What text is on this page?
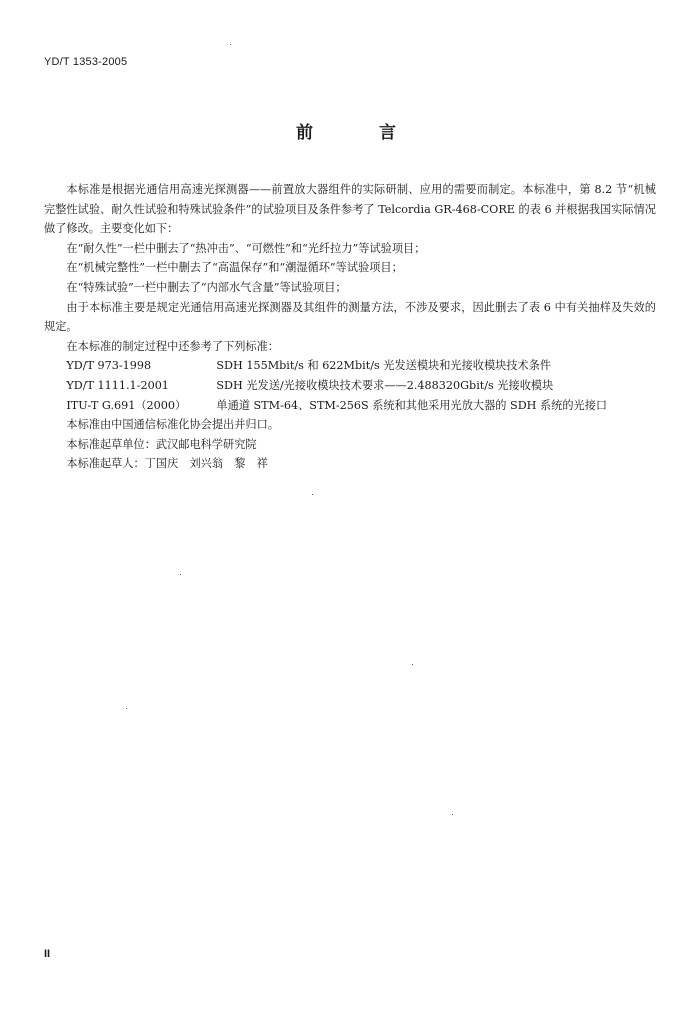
YD/T 1353-2005
前言

本标准是根据光通信用高速光探测器——前置放大器组件的实际研制、应用的需要而制定。本标准中，第 8.2 节“机械完整性试验、耐久性试验和特殊试验条件”的试验项目及条件参考了 Telcordia GR-468-CORE 的表 6 并根据我国实际情况做了修改。主要变化如下：

在“耐久性”一栏中删去了“热冲击”、“可燃性”和“光纤拉力”等试验项目；

在“机械完整性”一栏中删去了“高温保存”和“潮湿循环”等试验项目；

在“特殊试验”一栏中删去了“内部水气含量”等试验项目；

由于本标准主要是规定光通信用高速光探测器及其组件的测量方法，不涉及要求，因此删去了表 6 中有关抽样及失效的规定。

在本标准的制定过程中还参考了下列标准：

YD/T 973-1998	SDH 155Mbit/s 和 622Mbit/s 光发送模块和光接收模块技术条件
YD/T 1111.1-2001	SDH 光发送/光接收模块技术要求——2.488320Gbit/s 光接收模块
ITU-T G.691（2000）	单通道 STM-64、STM-256S 系统和其他采用光放大器的 SDH 系统的光接口

本标准由中国通信标准化协会提出并归口。

本标准起草单位：武汉邮电科学研究院

本标准起草人：丁国庆　刘兴翁　黎　祥

II
